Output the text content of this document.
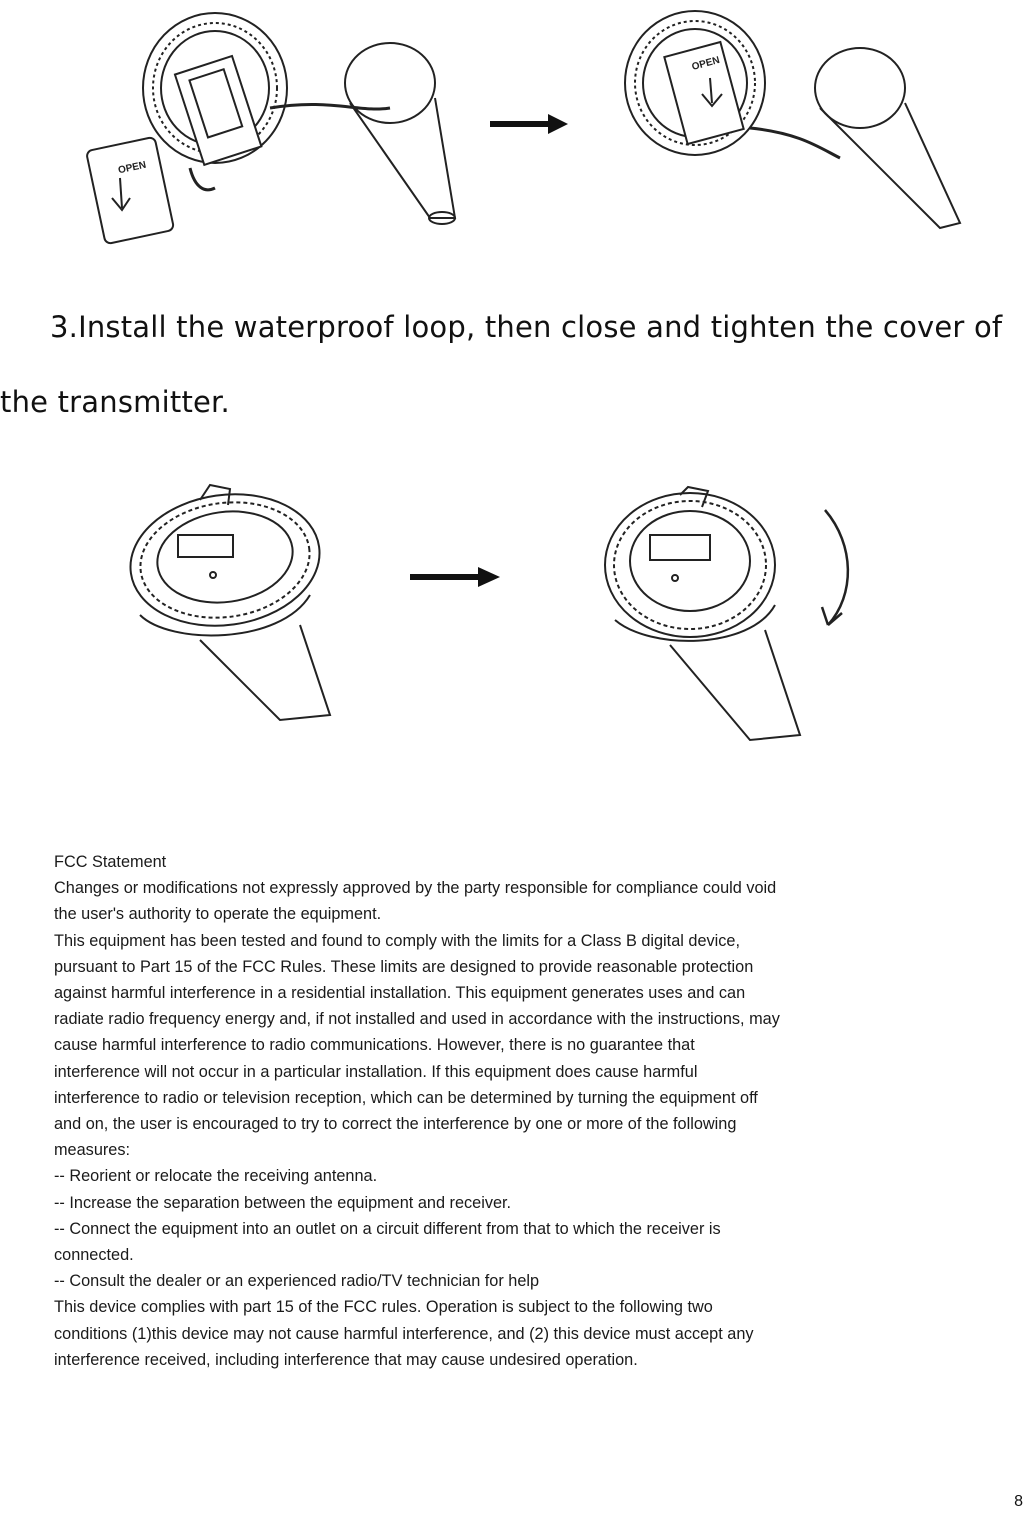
OPEN
OPEN
3.Install the waterproof loop, then close and tighten the cover of
the transmitter.

FCC Statement

Changes or modifications not expressly approved by the party responsible for compliance could void

the user's authority to operate the equipment.

This equipment has been tested and found to comply with the limits for a Class B digital device,

pursuant to Part 15 of the FCC Rules. These limits are designed to provide reasonable protection

against harmful interference in a residential installation. This equipment generates uses and can

radiate radio frequency energy and, if not installed and used in accordance with the instructions, may

cause harmful interference to radio communications. However, there is no guarantee that

interference will not occur in a particular installation. If this equipment does cause harmful

interference to radio or television reception, which can be determined by turning the equipment off

and on, the user is encouraged to try to correct the interference by one or more of the following

measures:

-- Reorient or relocate the receiving antenna.

-- Increase the separation between the equipment and receiver.

-- Connect the equipment into an outlet on a circuit different from that to which the receiver is

connected.

-- Consult the dealer or an experienced radio/TV technician for help

This device complies with part 15 of the FCC rules. Operation is subject to the following two

conditions (1)this device may not cause harmful interference, and (2) this device must accept any

interference received, including interference that may cause undesired operation.

8
